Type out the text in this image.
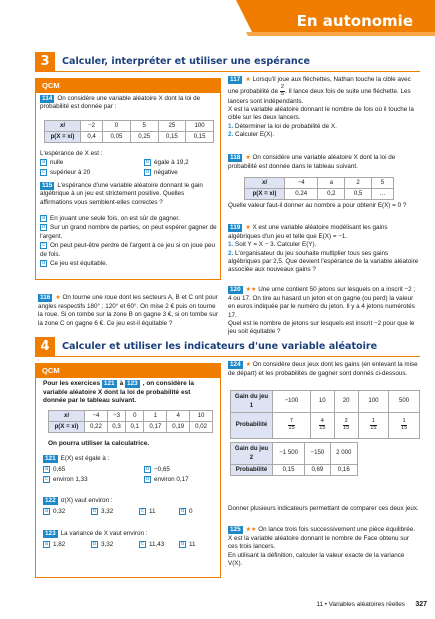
En autonomie
3	Calculer, interpréter et utiliser une espérance
QCM
114 On considère une variable aléatoire X dont la loi de probabilité est donnée par :
xi	−2	0	5	25	100
p(X = xi)	0,4	0,05	0,25	0,15	0,15
L'espérance de X est :
a nulle	b égale à 19,2
c supérieur à 20	d négative
115 L'espérance d'une variable aléatoire donnant le gain algébrique à un jeu est strictement positive. Quelles affirmations vous semblent-elles correctes ?
a En jouant une seule fois, on est sûr de gagner.
b Sur un grand nombre de parties, on peut espérer gagner de l'argent.
c On peut peut-être perdre de l'argent à ce jeu si on joue peu de fois.
d Ce jeu est équitable.
116 ★ On tourne une roue dont les secteurs A, B et C ont pour angles respectifs 180° ; 120° et 60°. On mise 2 € puis on tourne la roue. Si on tombe sur la zone B on gagne 3 €, si on tombe sur la zone C on gagne 6 €. Ce jeu est-il équitable ?
117 ★ Lorsqu'il joue aux fléchettes, Nathan touche la cible avec une probabilité de $\frac{2}{5}$ . Il lance deux fois de suite une fléchette. Les lancers sont indépendants.
X est la variable aléatoire donnant le nombre de fois où il touche la cible sur les deux lancers.
1. Déterminer la loi de probabilité de X.
2. Calculer E(X).
118 ★ On considère une variable aléatoire X dont la loi de probabilité est donnée dans le tableau suivant.
xi	−4	a	2	5
p(X = xi)	0,24	0,2	0,5	…
Quelle valeur faut-il donner au nombre a pour obtenir E(X) = 0 ?
119 ★ X est une variable aléatoire modélisant les gains algébriques d'un jeu et telle que E(X) = −1.
1. Soit Y = X − 3. Calculer E(Y).
2. L'organisateur du jeu souhaite multiplier tous ses gains algébriques par 2,5. Que devient l'espérance de la variable aléatoire associée aux nouveaux gains ?
120 ★★ Une urne contient 50 jetons sur lesquels on a inscrit −2 ; 4 ou 17. On tire au hasard un jeton et on gagne (ou perd) la valeur en euros indiquée par le numéro du jeton. Il y a 4 jetons numérotés 17.
Quel est le nombre de jetons sur lesquels est inscrit −2 pour que le jeu soit équitable ?
4	Calculer et utiliser les indicateurs d'une variable aléatoire
QCM
Pour les exercices 121 à 123 , on considère la variable aléatoire X dont la loi de probabilité est donnée par le tableau suivant.
xi	−4	−3	0	1	4	10
p(X = xi)	0,22	0,3	0,1	0,17	0,19	0,02
On pourra utiliser la calculatrice.
121 E(X) est égale à :
a 0,65	b −0,65
c environ 1,33	d environ 0,17
122 σ(X) vaut environ :
a 0,32	b 3,32	c 11	d 0
123 La variance de X vaut environ :
a 1,82	b 3,32	c 11,43	d 11
124 ★ On considère deux jeux dont les gains (en enlevant la mise de départ) et les probabilités de gagner sont donnés ci-dessous.
Gain du jeu 1	−100	10	20	100	500
Probabilité	$\frac{7}{15}$	$\frac{4}{15}$	$\frac{2}{15}$	$\frac{1}{15}$	$\frac{1}{15}$
Gain du jeu 2	−1 500	−150	2 000
Probabilité	0,15	0,69	0,16
Donner plusieurs indicateurs permettant de comparer ces deux jeux.
125 ★★ On lance trois fois successivement une pièce équilibrée.
X est la variable aléatoire donnant le nombre de Face obtenu sur ces trois lancers.
En utilisant la définition, calculer la valeur exacte de la variance V(X).
11 • Variables aléatoires réelles 327
